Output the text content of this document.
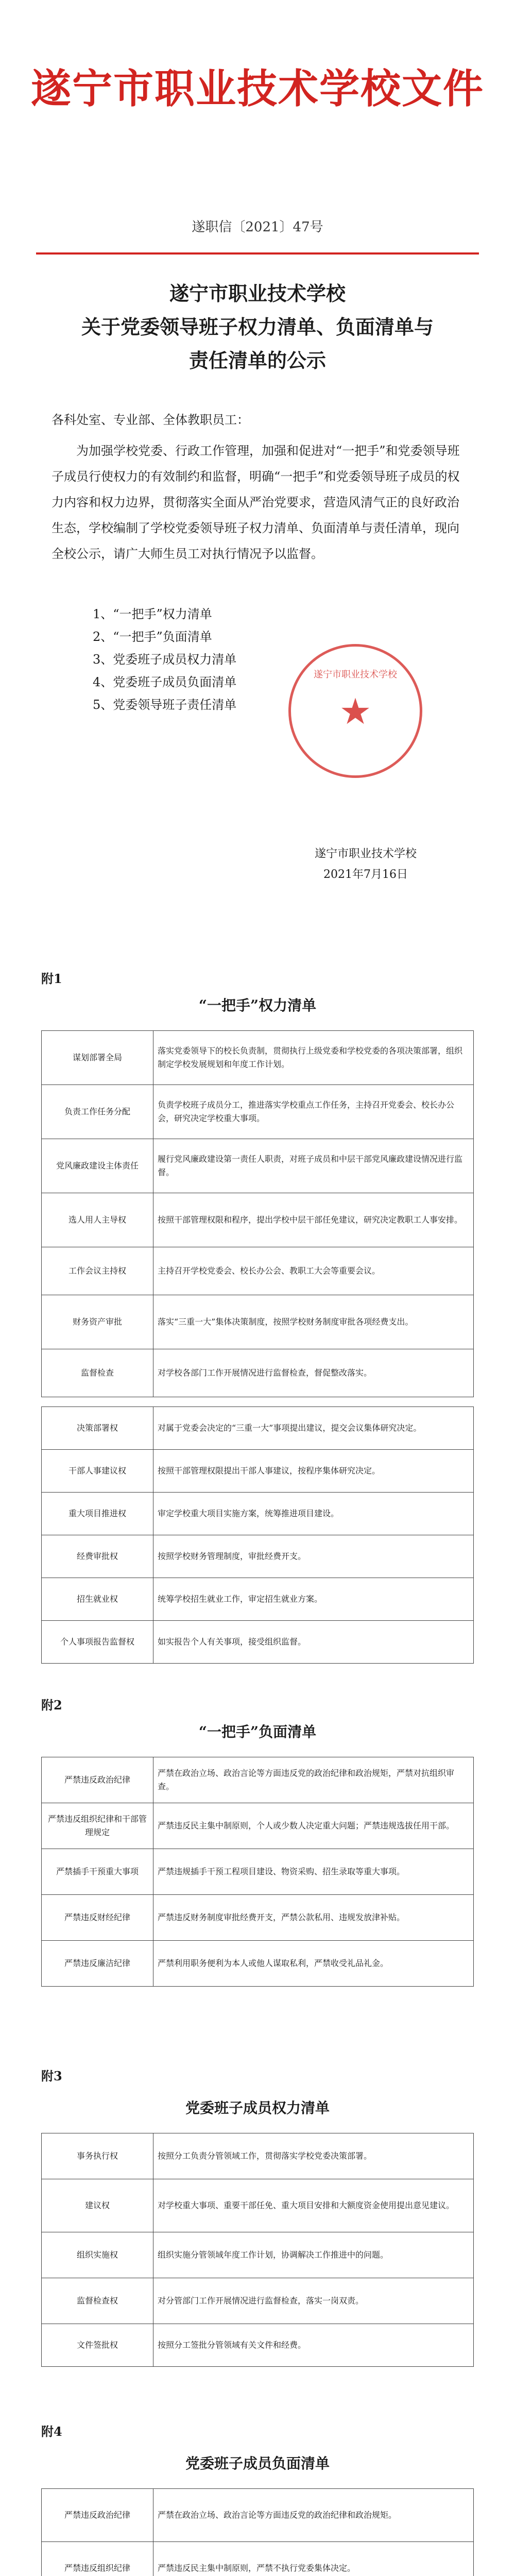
遂宁市职业技术学校文件
遂职信〔2021〕47号
遂宁市职业技术学校
关于党委领导班子权力清单、负面清单与
责任清单的公示
各科处室、专业部、全体教职员工：
为加强学校党委、行政工作管理，加强和促进对“一把手”和党委领导班子成员行使权力的有效制约和监督，明确“一把手”和党委领导班子成员的权力内容和权力边界，贯彻落实全面从严治党要求，营造风清气正的良好政治生态，学校编制了学校党委领导班子权力清单、负面清单与责任清单，现向全校公示，请广大师生员工对执行情况予以监督。
1、“一把手”权力清单
2、“一把手”负面清单
3、党委班子成员权力清单
4、党委班子成员负面清单
5、党委领导班子责任清单
遂宁市职业技术学校
★
遂宁市职业技术学校
2021年7月16日
附1
“一把手”权力清单
谋划部署全局	落实党委领导下的校长负责制，贯彻执行上级党委和学校党委的各项决策部署，组织制定学校发展规划和年度工作计划。
负责工作任务分配	负责学校班子成员分工，推进落实学校重点工作任务，主持召开党委会、校长办公会，研究决定学校重大事项。
党风廉政建设主体责任	履行党风廉政建设第一责任人职责，对班子成员和中层干部党风廉政建设情况进行监督。
选人用人主导权	按照干部管理权限和程序，提出学校中层干部任免建议，研究决定教职工人事安排。
工作会议主持权	主持召开学校党委会、校长办公会、教职工大会等重要会议。
财务资产审批	落实“三重一大”集体决策制度，按照学校财务制度审批各项经费支出。
监督检查	对学校各部门工作开展情况进行监督检查，督促整改落实。
决策部署权	对属于党委会决定的“三重一大”事项提出建议，提交会议集体研究决定。
干部人事建议权	按照干部管理权限提出干部人事建议，按程序集体研究决定。
重大项目推进权	审定学校重大项目实施方案，统筹推进项目建设。
经费审批权	按照学校财务管理制度，审批经费开支。
招生就业权	统筹学校招生就业工作，审定招生就业方案。
个人事项报告监督权	如实报告个人有关事项，接受组织监督。
附2
“一把手”负面清单
严禁违反政治纪律	严禁在政治立场、政治言论等方面违反党的政治纪律和政治规矩，严禁对抗组织审查。
严禁违反组织纪律和干部管理规定	严禁违反民主集中制原则，个人或少数人决定重大问题；严禁违规选拔任用干部。
严禁插手干预重大事项	严禁违规插手干预工程项目建设、物资采购、招生录取等重大事项。
严禁违反财经纪律	严禁违反财务制度审批经费开支，严禁公款私用、违规发放津补贴。
严禁违反廉洁纪律	严禁利用职务便利为本人或他人谋取私利，严禁收受礼品礼金。
附3
党委班子成员权力清单
事务执行权	按照分工负责分管领域工作，贯彻落实学校党委决策部署。
建议权	对学校重大事项、重要干部任免、重大项目安排和大额度资金使用提出意见建议。
组织实施权	组织实施分管领域年度工作计划，协调解决工作推进中的问题。
监督检查权	对分管部门工作开展情况进行监督检查，落实一岗双责。
文件签批权	按照分工签批分管领域有关文件和经费。
附4
党委班子成员负面清单
严禁违反政治纪律	严禁在政治立场、政治言论等方面违反党的政治纪律和政治规矩。
严禁违反组织纪律	严禁违反民主集中制原则，严禁不执行党委集体决定。
